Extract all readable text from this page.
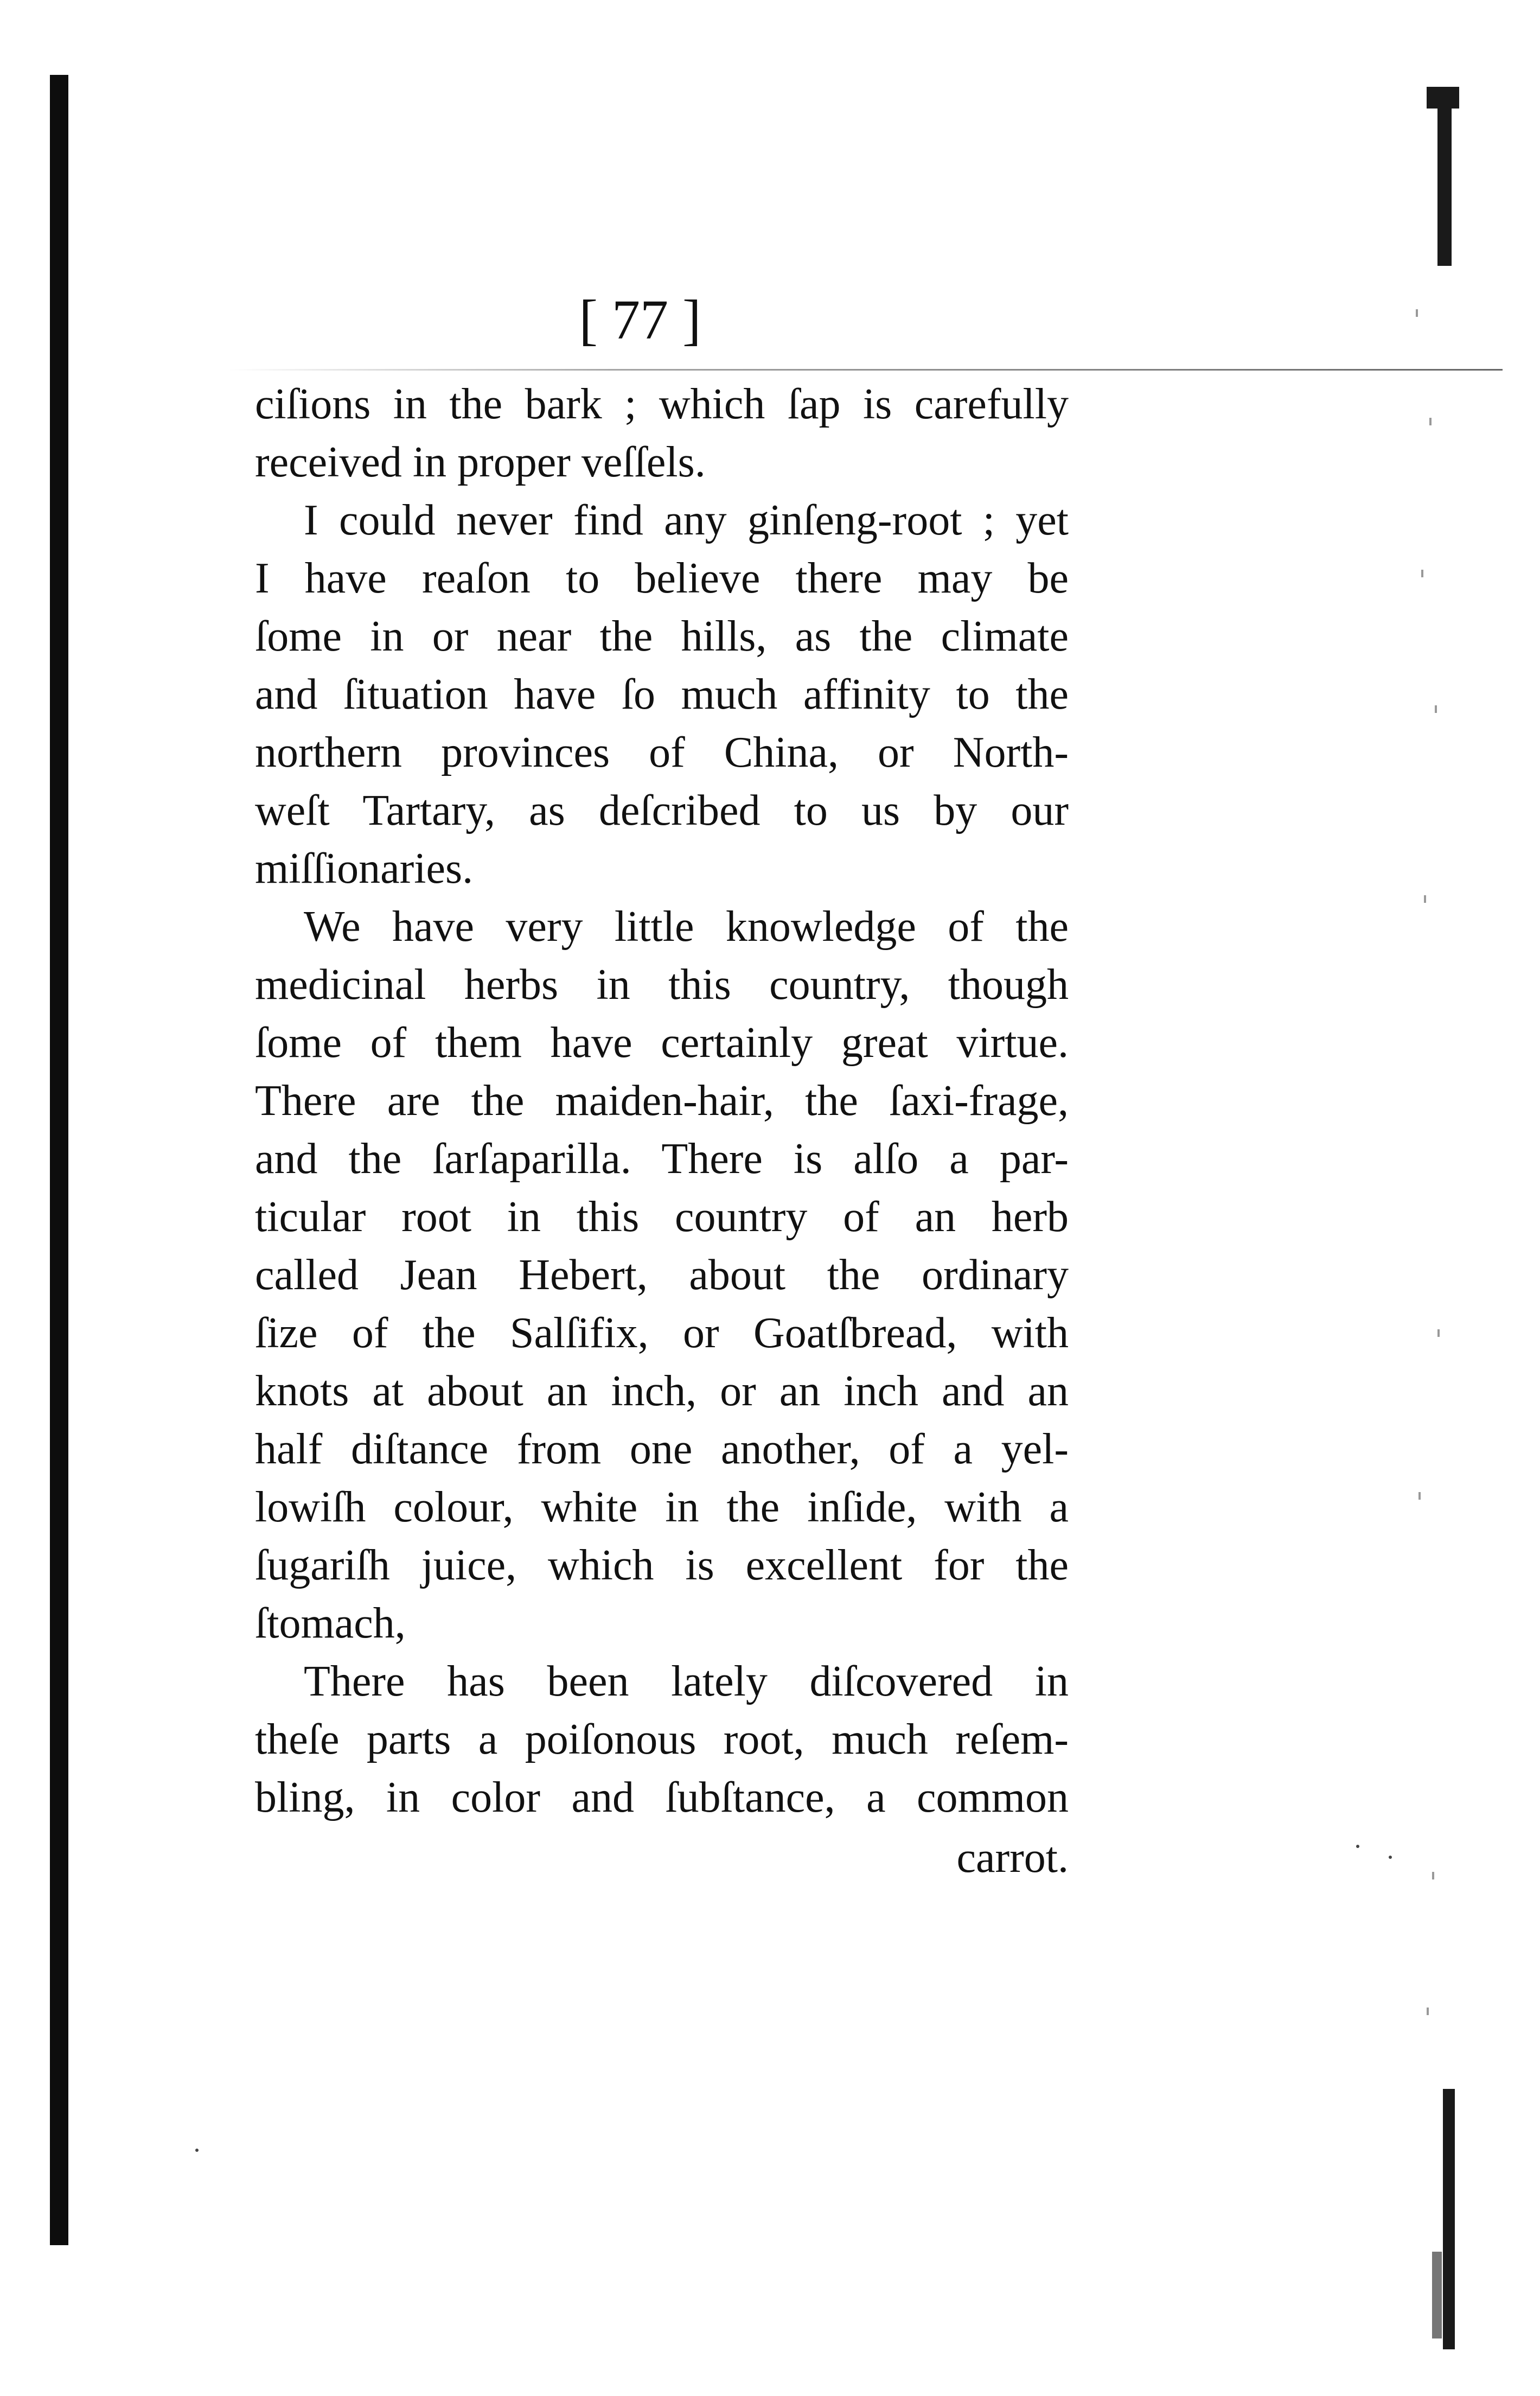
[ 77 ]
ciſions in the bark ; which ſap is carefully
received in proper veſſels.
I could never find any ginſeng-root ; yet
I have reaſon to believe there may be
ſome in or near the hills, as the climate
and ſituation have ſo much affinity to the
northern provinces of China, or North-
weſt Tartary, as deſcribed to us by our
miſſionaries.
We have very little knowledge of the
medicinal herbs in this country, though
ſome of them have certainly great virtue.
There are the maiden-hair, the ſaxi-frage,
and the ſarſaparilla. There is alſo a par-
ticular root in this country of an herb
called Jean Hebert, about the ordinary
ſize of the Salſifix, or Goatſbread, with
knots at about an inch, or an inch and an
half diſtance from one another, of a yel-
lowiſh colour, white in the inſide, with a
ſugariſh juice, which is excellent for the
ſtomach,
There has been lately diſcovered in
theſe parts a poiſonous root, much reſem-
bling, in color and ſubſtance, a common
carrot.
